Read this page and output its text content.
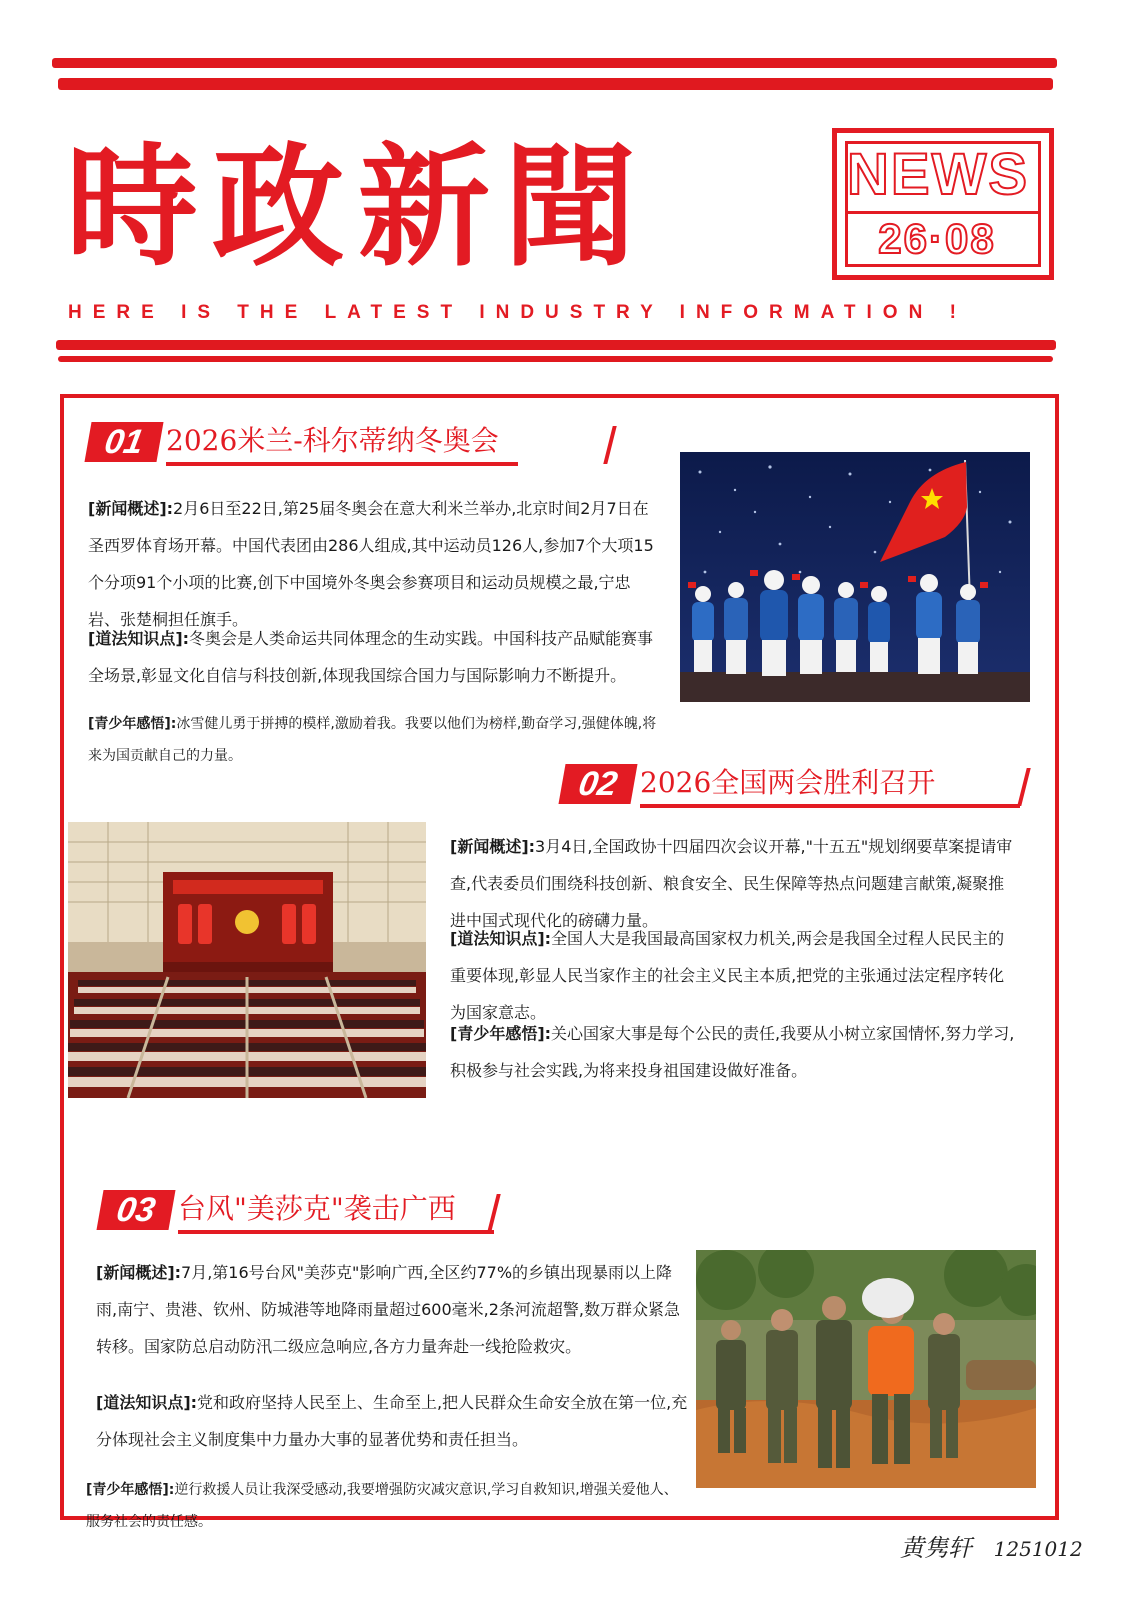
時政新聞	NEWS
26·08
HERE IS THE LATEST INDUSTRY INFORMATION !
01 2026米兰-科尔蒂纳冬奥会

[新闻概述]:2月6日至22日,第25届冬奥会在意大利米兰举办,北京时间2月7日在圣西罗体育场开幕。中国代表团由286人组成,其中运动员126人,参加7个大项15个分项91个小项的比赛,创下中国境外冬奥会参赛项目和运动员规模之最,宁忠岩、张楚桐担任旗手。

[道法知识点]:冬奥会是人类命运共同体理念的生动实践。中国科技产品赋能赛事全场景,彰显文化自信与科技创新,体现我国综合国力与国际影响力不断提升。

[青少年感悟]:冰雪健儿勇于拼搏的模样,激励着我。我要以他们为榜样,勤奋学习,强健体魄,将来为国贡献自己的力量。

02 2026全国两会胜利召开

[新闻概述]:3月4日,全国政协十四届四次会议开幕,"十五五"规划纲要草案提请审查,代表委员们围绕科技创新、粮食安全、民生保障等热点问题建言献策,凝聚推进中国式现代化的磅礴力量。

[道法知识点]:全国人大是我国最高国家权力机关,两会是我国全过程人民民主的重要体现,彰显人民当家作主的社会主义民主本质,把党的主张通过法定程序转化为国家意志。

[青少年感悟]:关心国家大事是每个公民的责任,我要从小树立家国情怀,努力学习,积极参与社会实践,为将来投身祖国建设做好准备。

03 台风"美莎克"袭击广西

[新闻概述]:7月,第16号台风"美莎克"影响广西,全区约77%的乡镇出现暴雨以上降雨,南宁、贵港、钦州、防城港等地降雨量超过600毫米,2条河流超警,数万群众紧急转移。国家防总启动防汛二级应急响应,各方力量奔赴一线抢险救灾。

[道法知识点]:党和政府坚持人民至上、生命至上,把人民群众生命安全放在第一位,充分体现社会主义制度集中力量办大事的显著优势和责任担当。

[青少年感悟]:逆行救援人员让我深受感动,我要增强防灾减灾意识,学习自救知识,增强关爱他人、服务社会的责任感。

黄隽轩 1251012
